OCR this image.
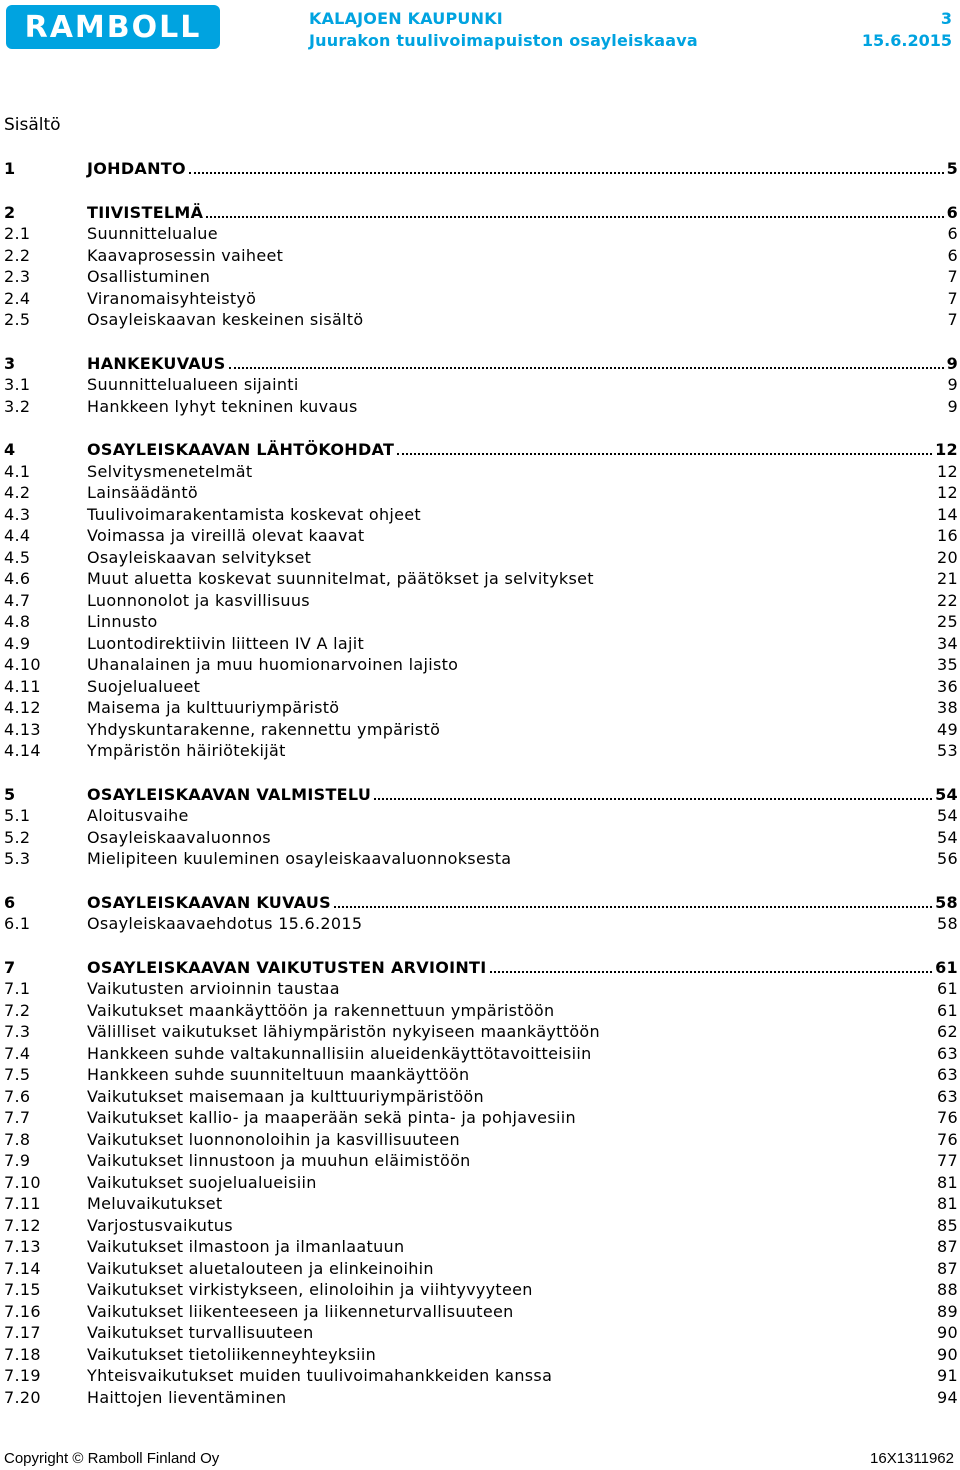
RAMBOLL	KALAJOEN KAUPUNKI
Juurakon tuulivoimapuiston osayleiskaava
3
15.6.2015
Sisältö
1	JOHDANTO	5
2	TIIVISTELMÄ	6
2.1	Suunnittelualue	6
2.2	Kaavaprosessin vaiheet	6
2.3	Osallistuminen	7
2.4	Viranomaisyhteistyö	7
2.5	Osayleiskaavan keskeinen sisältö	7
3	HANKEKUVAUS	9
3.1	Suunnittelualueen sijainti	9
3.2	Hankkeen lyhyt tekninen kuvaus	9
4	OSAYLEISKAAVAN LÄHTÖKOHDAT	12
4.1	Selvitysmenetelmät	12
4.2	Lainsäädäntö	12
4.3	Tuulivoimarakentamista koskevat ohjeet	14
4.4	Voimassa ja vireillä olevat kaavat	16
4.5	Osayleiskaavan selvitykset	20
4.6	Muut aluetta koskevat suunnitelmat, päätökset ja selvitykset	21
4.7	Luonnonolot ja kasvillisuus	22
4.8	Linnusto	25
4.9	Luontodirektiivin liitteen IV A lajit	34
4.10	Uhanalainen ja muu huomionarvoinen lajisto	35
4.11	Suojelualueet	36
4.12	Maisema ja kulttuuriympäristö	38
4.13	Yhdyskuntarakenne, rakennettu ympäristö	49
4.14	Ympäristön häiriötekijät	53
5	OSAYLEISKAAVAN VALMISTELU	54
5.1	Aloitusvaihe	54
5.2	Osayleiskaavaluonnos	54
5.3	Mielipiteen kuuleminen osayleiskaavaluonnoksesta	56
6	OSAYLEISKAAVAN KUVAUS	58
6.1	Osayleiskaavaehdotus 15.6.2015	58
7	OSAYLEISKAAVAN VAIKUTUSTEN ARVIOINTI	61
7.1	Vaikutusten arvioinnin taustaa	61
7.2	Vaikutukset maankäyttöön ja rakennettuun ympäristöön	61
7.3	Välilliset vaikutukset lähiympäristön nykyiseen maankäyttöön	62
7.4	Hankkeen suhde valtakunnallisiin alueidenkäyttötavoitteisiin	63
7.5	Hankkeen suhde suunniteltuun maankäyttöön	63
7.6	Vaikutukset maisemaan ja kulttuuriympäristöön	63
7.7	Vaikutukset kallio- ja maaperään sekä pinta- ja pohjavesiin	76
7.8	Vaikutukset luonnonoloihin ja kasvillisuuteen	76
7.9	Vaikutukset linnustoon ja muuhun eläimistöön	77
7.10	Vaikutukset suojelualueisiin	81
7.11	Meluvaikutukset	81
7.12	Varjostusvaikutus	85
7.13	Vaikutukset ilmastoon ja ilmanlaatuun	87
7.14	Vaikutukset aluetalouteen ja elinkeinoihin	87
7.15	Vaikutukset virkistykseen, elinoloihin ja viihtyvyyteen	88
7.16	Vaikutukset liikenteeseen ja liikenneturvallisuuteen	89
7.17	Vaikutukset turvallisuuteen	90
7.18	Vaikutukset tietoliikenneyhteyksiin	90
7.19	Yhteisvaikutukset muiden tuulivoimahankkeiden kanssa	91
7.20	Haittojen lieventäminen	94
Copyright © Ramboll Finland Oy	16X1311962
